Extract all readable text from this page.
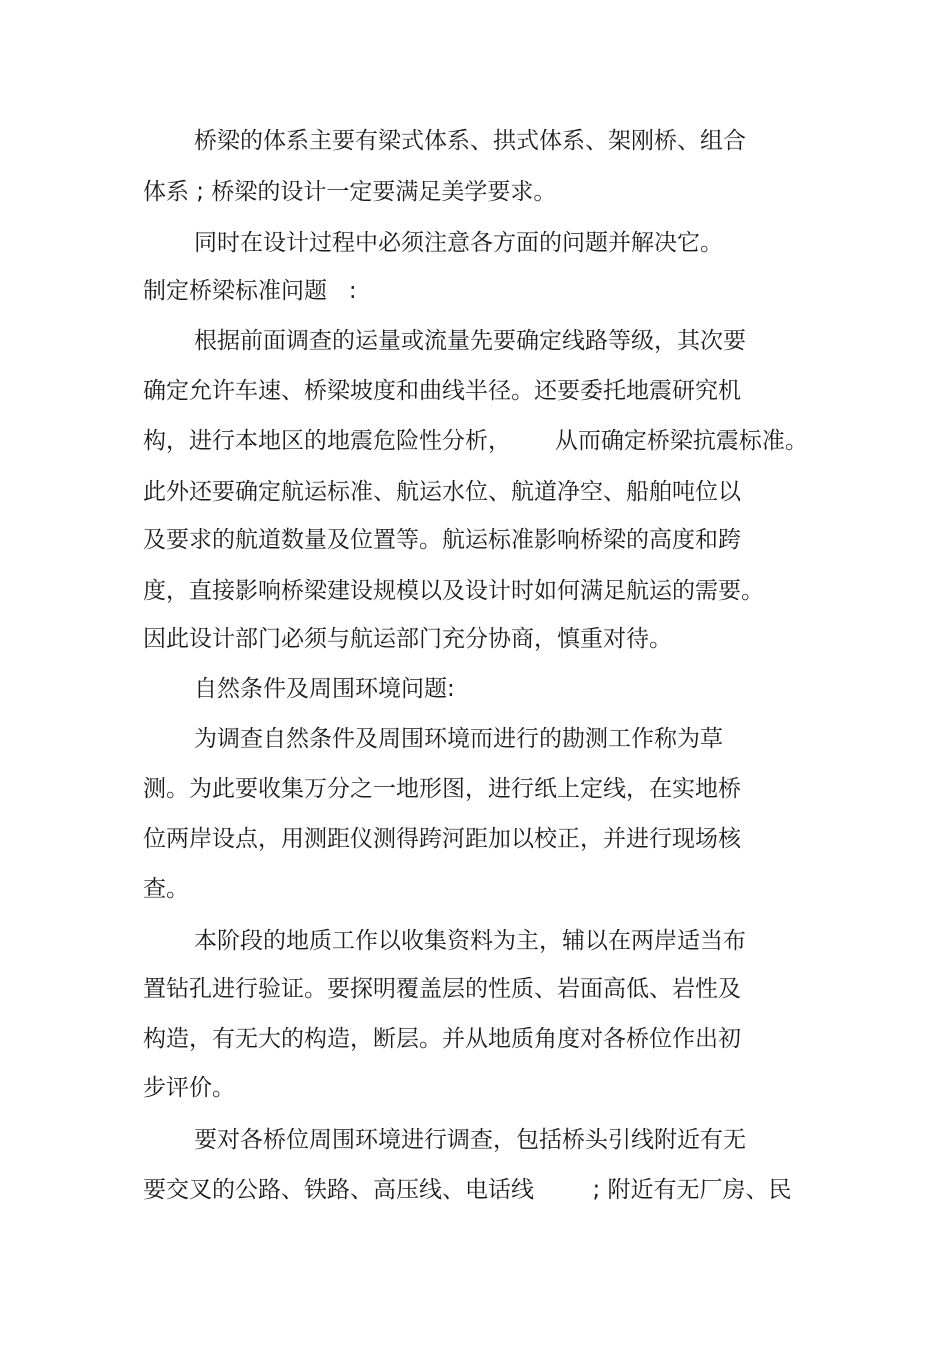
桥梁的体系主要有梁式体系、拱式体系、架刚桥、组合
体系 ; 桥梁的设计一定要满足美学要求。
同时在设计过程中必须注意各方面的问题并解决它。
制定桥梁标准问题   :
根据前面调查的运量或流量先要确定线路等级，其次要
确定允许车速、桥梁坡度和曲线半径。还要委托地震研究机
构，进行本地区的地震危险性分析，      从而确定桥梁抗震标准。
此外还要确定航运标准、航运水位、航道净空、船舶吨位以
及要求的航道数量及位置等。航运标准影响桥梁的高度和跨
度，直接影响桥梁建设规模以及设计时如何满足航运的需要。
因此设计部门必须与航运部门充分协商，慎重对待。
自然条件及周围环境问题:
为调查自然条件及周围环境而进行的勘测工作称为草
测。为此要收集万分之一地形图，进行纸上定线，在实地桥
位两岸设点，用测距仪测得跨河距加以校正，并进行现场核
查。
本阶段的地质工作以收集资料为主，辅以在两岸适当布
置钻孔进行验证。要探明覆盖层的性质、岩面高低、岩性及
构造，有无大的构造，断层。并从地质角度对各桥位作出初
步评价。
要对各桥位周围环境进行调查，包括桥头引线附近有无
要交叉的公路、铁路、高压线、电话线        ; 附近有无厂房、民
